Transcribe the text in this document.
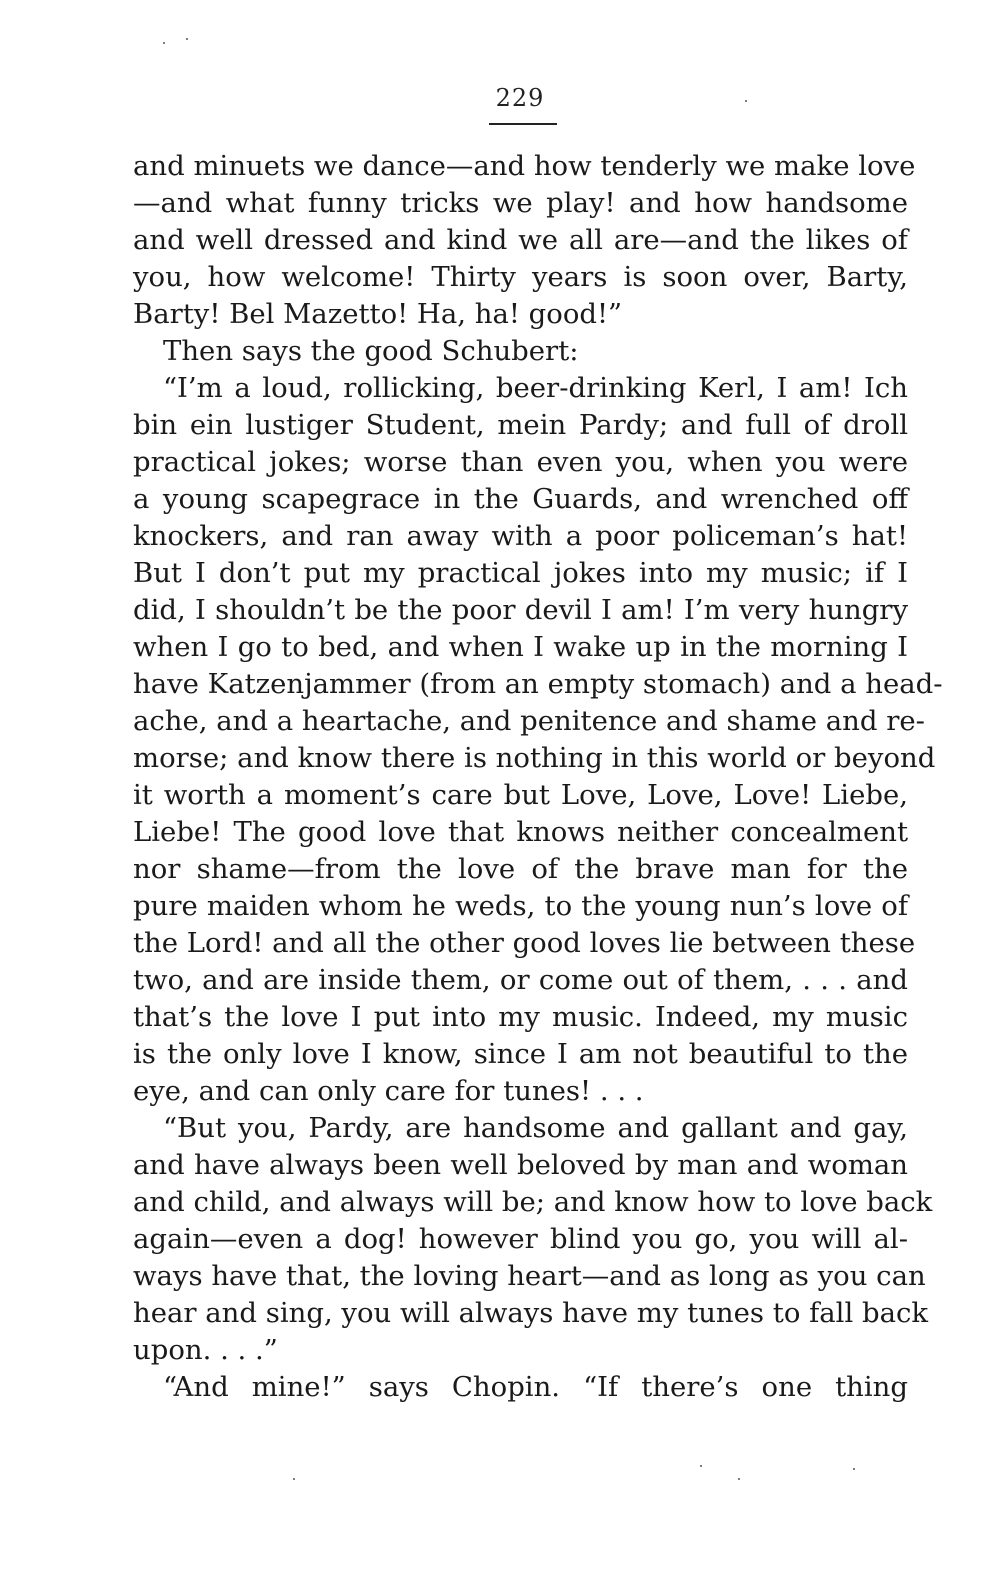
229
and minuets we dance—and how tenderly we make love
—and what funny tricks we play! and how handsome
and well dressed and kind we all are—and the likes of
you, how welcome! Thirty years is soon over, Barty,
Barty! Bel Mazetto! Ha, ha! good!”
Then says the good Schubert:
“I’m a loud, rollicking, beer-drinking Kerl, I am! Ich
bin ein lustiger Student, mein Pardy; and full of droll
practical jokes; worse than even you, when you were
a young scapegrace in the Guards, and wrenched off
knockers, and ran away with a poor policeman’s hat!
But I don’t put my practical jokes into my music; if I
did, I shouldn’t be the poor devil I am! I’m very hungry
when I go to bed, and when I wake up in the morning I
have Katzenjammer (from an empty stomach) and a head-
ache, and a heartache, and penitence and shame and re-
morse; and know there is nothing in this world or beyond
it worth a moment’s care but Love, Love, Love! Liebe,
Liebe! The good love that knows neither concealment
nor shame—from the love of the brave man for the
pure maiden whom he weds, to the young nun’s love of
the Lord! and all the other good loves lie between these
two, and are inside them, or come out of them, . . . and
that’s the love I put into my music. Indeed, my music
is the only love I know, since I am not beautiful to the
eye, and can only care for tunes! . . .
“But you, Pardy, are handsome and gallant and gay,
and have always been well beloved by man and woman
and child, and always will be; and know how to love back
again—even a dog! however blind you go, you will al-
ways have that, the loving heart—and as long as you can
hear and sing, you will always have my tunes to fall back
upon. . . .”
“And mine!” says Chopin. “If there’s one thing
